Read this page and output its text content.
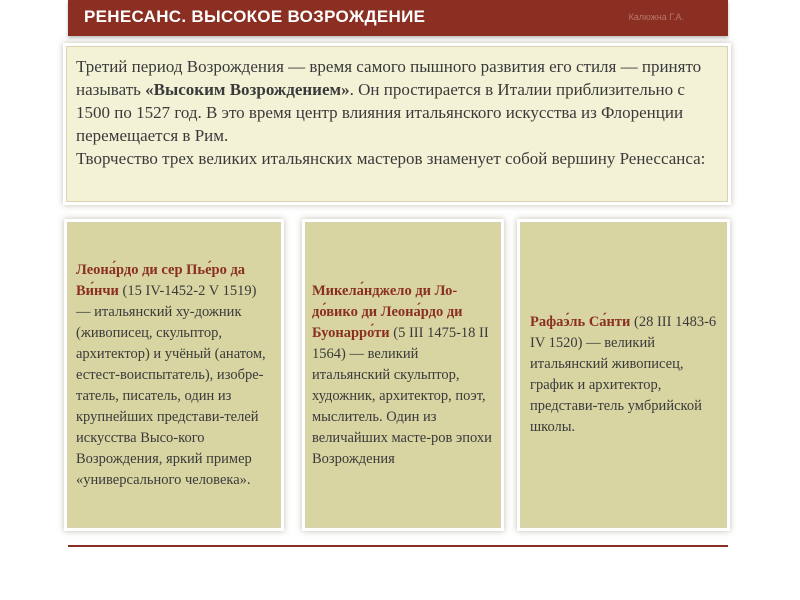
РЕНЕСАНС. ВЫСОКОЕ ВОЗРОЖДЕНИЕ	Калюжна Г.А.

Третий период Возрождения — время самого пышного развития его стиля — принято называть «Высоким Возрождением». Он простирается в Италии приблизительно с 1500 по 1527 год. В это время центр влияния итальянского искусства из Флоренции перемещается в Рим.

Творчество трех великих итальянских мастеров знаменует собой вершину Ренессанса:

Леона́рдо ди сер Пье́ро да Ви́нчи (15 IV-1452-2 V 1519) — итальянский ху-дожник (живописец, скульптор, архитектор) и учёный (анатом, естест-воиспытатель), изобре-татель, писатель, один из крупнейших представи-телей искусства Высо-кого Возрождения, яркий пример «универсального человека».

Микела́нджело ди Ло-до́вико ди Леона́рдо ди Буонарро́ти (5 III 1475-18 II 1564) — великий итальянский скульптор, художник, архитектор, поэт, мыслитель. Один из величайших масте-ров эпохи Возрождения

Рафаэ́ль Са́нти (28 III 1483-6 IV 1520) — великий итальянский живописец, график и архитектор, представи-тель умбрийской школы.
